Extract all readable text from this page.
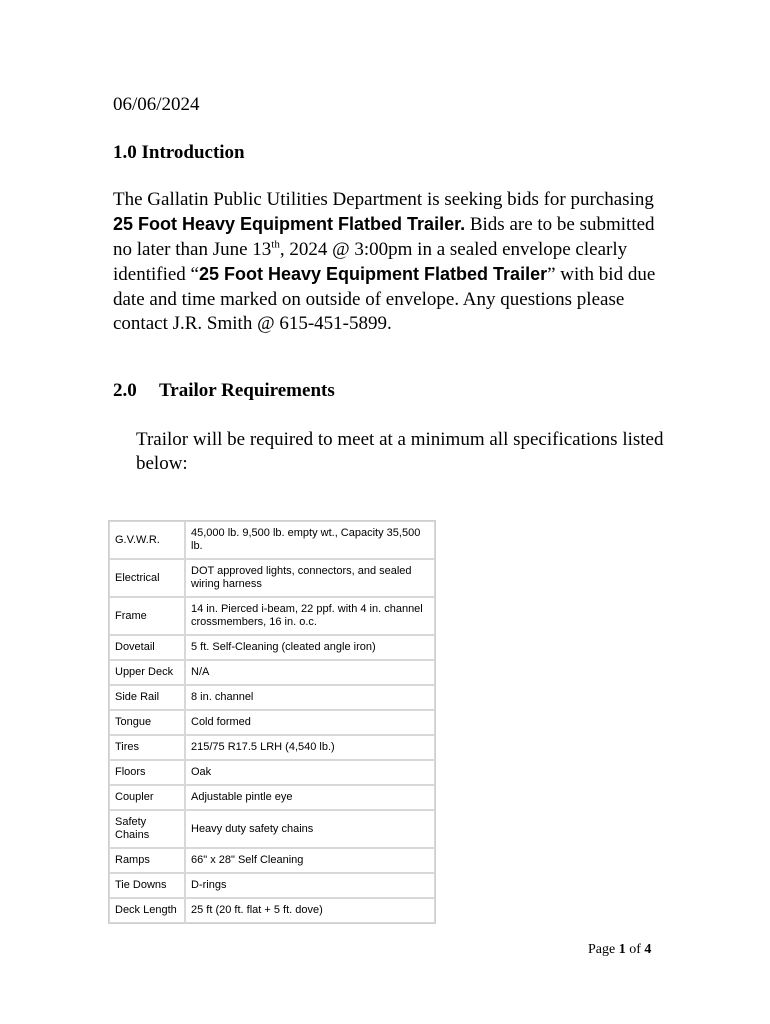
06/06/2024
1.0 Introduction
The Gallatin Public Utilities Department is seeking bids for purchasing 25 Foot Heavy Equipment Flatbed Trailer. Bids are to be submitted no later than June 13th, 2024 @ 3:00pm in a sealed envelope clearly identified “25 Foot Heavy Equipment Flatbed Trailer” with bid due date and time marked on outside of envelope. Any questions please contact J.R. Smith @ 615-451-5899.
2.0 Trailor Requirements
Trailor will be required to meet at a minimum all specifications listed below:
G.V.W.R.	45,000 lb. 9,500 lb. empty wt., Capacity 35,500 lb.
Electrical	DOT approved lights, connectors, and sealed wiring harness
Frame	14 in. Pierced i-beam, 22 ppf. with 4 in. channel crossmembers, 16 in. o.c.
Dovetail	5 ft. Self-Cleaning (cleated angle iron)
Upper Deck	N/A
Side Rail	8 in. channel
Tongue	Cold formed
Tires	215/75 R17.5 LRH (4,540 lb.)
Floors	Oak
Coupler	Adjustable pintle eye
Safety Chains	Heavy duty safety chains
Ramps	66" x 28" Self Cleaning
Tie Downs	D-rings
Deck Length	25 ft (20 ft. flat + 5 ft. dove)
Page 1 of 4
